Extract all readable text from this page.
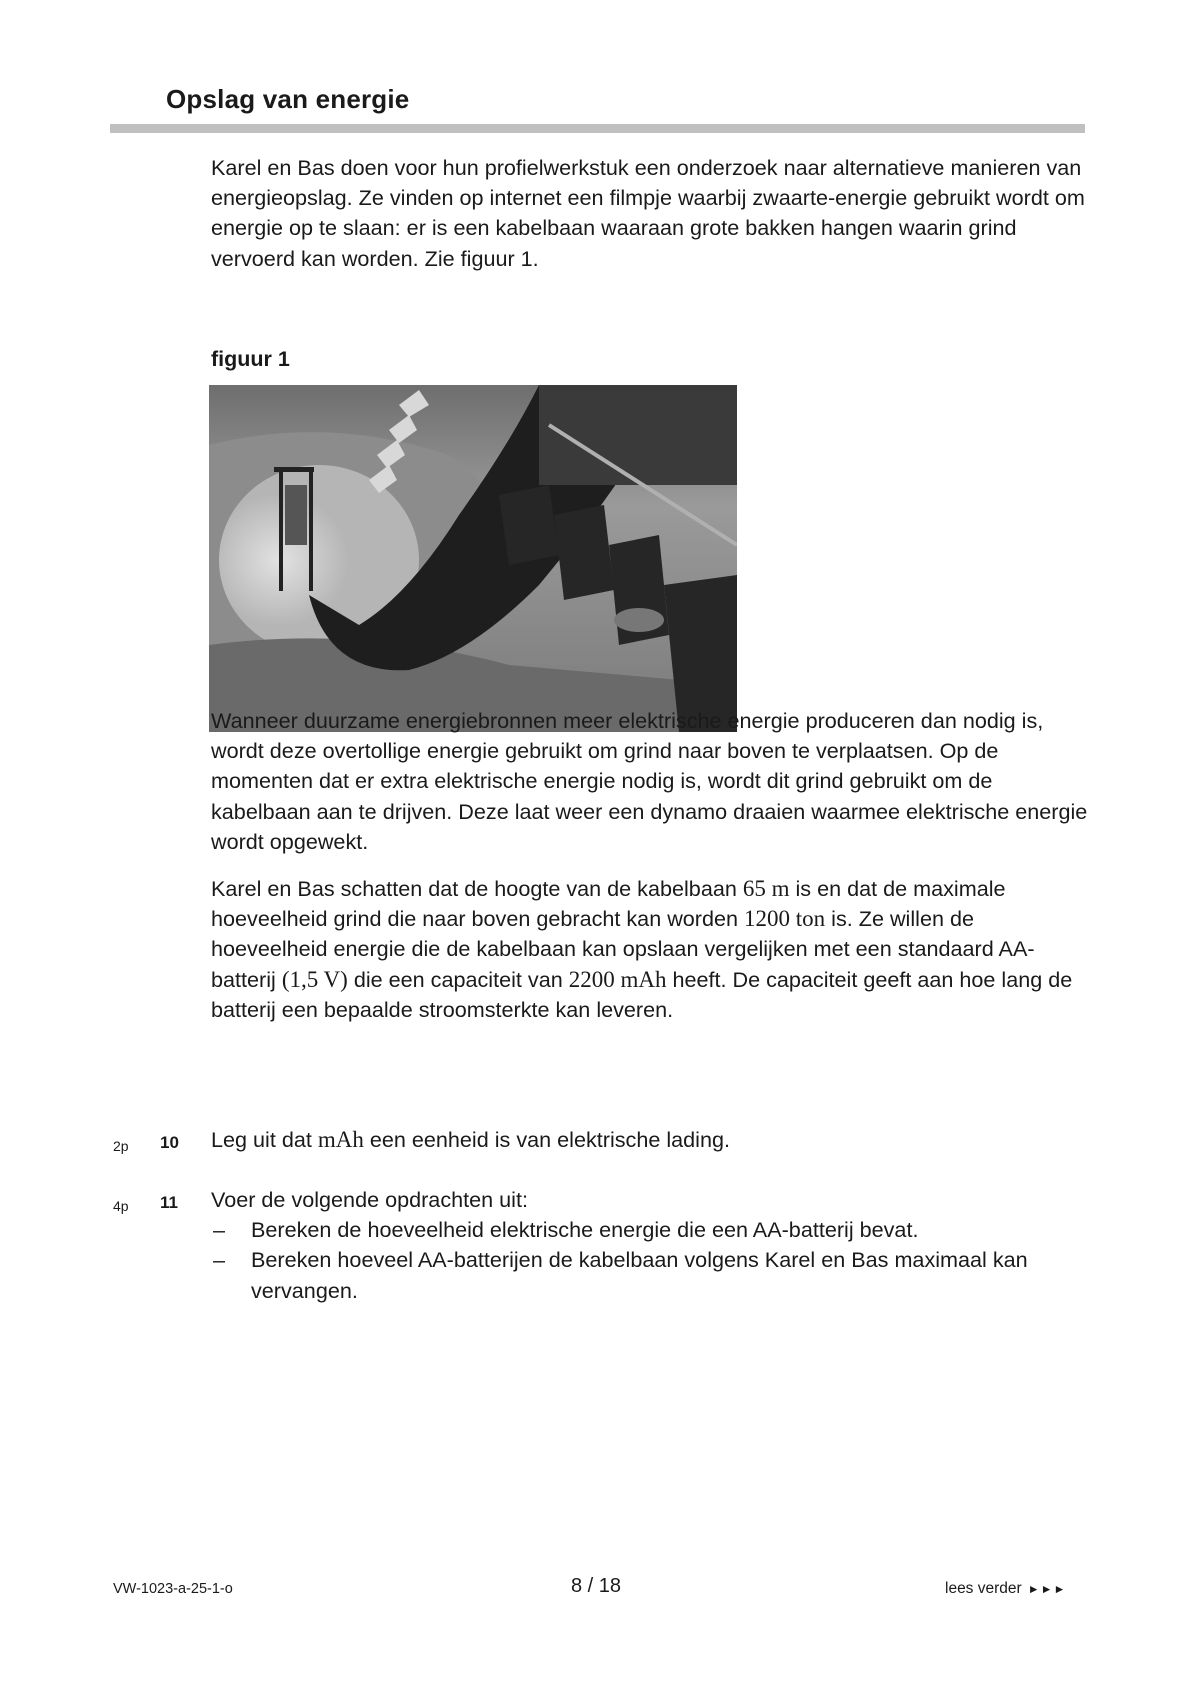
Opslag van energie

Karel en Bas doen voor hun profielwerkstuk een onderzoek naar alternatieve manieren van energieopslag. Ze vinden op internet een filmpje waarbij zwaarte-energie gebruikt wordt om energie op te slaan: er is een kabelbaan waaraan grote bakken hangen waarin grind vervoerd kan worden. Zie figuur 1.

figuur 1

Wanneer duurzame energiebronnen meer elektrische energie produceren dan nodig is, wordt deze overtollige energie gebruikt om grind naar boven te verplaatsen. Op de momenten dat er extra elektrische energie nodig is, wordt dit grind gebruikt om de kabelbaan aan te drijven. Deze laat weer een dynamo draaien waarmee elektrische energie wordt opgewekt.

Karel en Bas schatten dat de hoogte van de kabelbaan 65 m is en dat de maximale hoeveelheid grind die naar boven gebracht kan worden 1200 ton is. Ze willen de hoeveelheid energie die de kabelbaan kan opslaan vergelijken met een standaard AA-batterij (1,5 V) die een capaciteit van 2200 mAh heeft. De capaciteit geeft aan hoe lang de batterij een bepaalde stroomsterkte kan leveren.

2p 10 Leg uit dat mAh een eenheid is van elektrische lading.
4p 11 Voer de volgende opdrachten uit:
– Bereken de hoeveelheid elektrische energie die een AA-batterij bevat.
– Bereken hoeveel AA-batterijen de kabelbaan volgens Karel en Bas maximaal kan vervangen.
VW-1023-a-25-1-o	8 / 18	lees verder ►►►
